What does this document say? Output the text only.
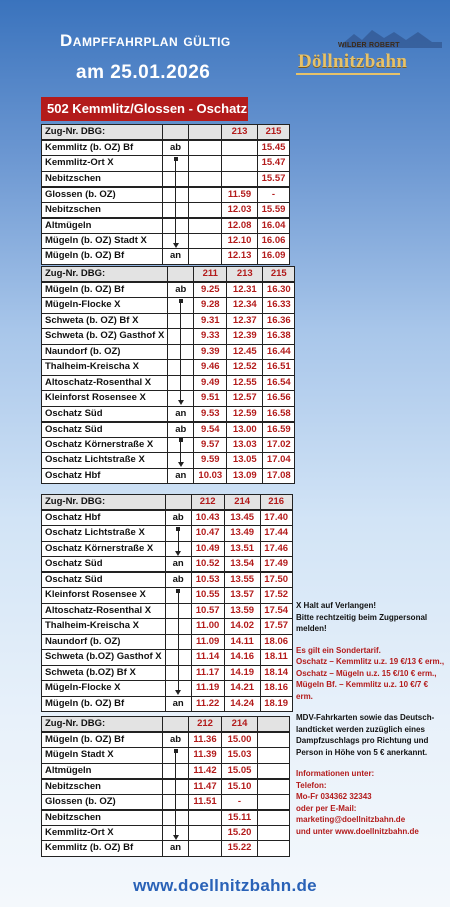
Dampffahrplan gültig
am 25.01.2026
WILDER ROBERT
Döllnitzbahn
502 Kemmlitz/Glossen - Oschatz
Zug-Nr. DBG:			213	215
Kemmlitz (b. OZ) Bf	ab			15.45
Kemmlitz-Ort X				15.47
Nebitzschen				15.57
Glossen (b. OZ)			11.59	-
Nebitzschen			12.03	15.59
Altmügeln			12.08	16.04
Mügeln (b. OZ) Stadt X			12.10	16.06
Mügeln (b. OZ) Bf	an		12.13	16.09
Zug-Nr. DBG:		211	213	215
Mügeln (b. OZ) Bf	ab	9.25	12.31	16.30
Mügeln-Flocke X		9.28	12.34	16.33
Schweta (b. OZ) Bf X		9.31	12.37	16.36
Schweta (b. OZ) Gasthof X		9.33	12.39	16.38
Naundorf (b. OZ)		9.39	12.45	16.44
Thalheim-Kreischa X		9.46	12.52	16.51
Altoschatz-Rosenthal X		9.49	12.55	16.54
Kleinforst Rosensee X		9.51	12.57	16.56
Oschatz Süd	an	9.53	12.59	16.58
Oschatz Süd	ab	9.54	13.00	16.59
Oschatz Körnerstraße X		9.57	13.03	17.02
Oschatz Lichtstraße X		9.59	13.05	17.04
Oschatz Hbf	an	10.03	13.09	17.08
Zug-Nr. DBG:		212	214	216
Oschatz Hbf	ab	10.43	13.45	17.40
Oschatz Lichtstraße X		10.47	13.49	17.44
Oschatz Körnerstraße X		10.49	13.51	17.46
Oschatz Süd	an	10.52	13.54	17.49
Oschatz Süd	ab	10.53	13.55	17.50
Kleinforst Rosensee X		10.55	13.57	17.52
Altoschatz-Rosenthal X		10.57	13.59	17.54
Thalheim-Kreischa X		11.00	14.02	17.57
Naundorf (b. OZ)		11.09	14.11	18.06
Schweta (b.OZ) Gasthof X		11.14	14.16	18.11
Schweta (b.OZ) Bf X		11.17	14.19	18.14
Mügeln-Flocke X		11.19	14.21	18.16
Mügeln (b. OZ) Bf	an	11.22	14.24	18.19
Zug-Nr. DBG:		212	214	
Mügeln (b. OZ) Bf	ab	11.36	15.00	
Mügeln Stadt X		11.39	15.03	
Altmügeln		11.42	15.05	
Nebitzschen		11.47	15.10	
Glossen (b. OZ)		11.51	-	
Nebitzschen			15.11	
Kemmlitz-Ort X			15.20	
Kemmlitz (b. OZ) Bf	an		15.22	

X Halt auf Verlangen!
Bitte rechtzeitig beim Zugpersonal melden!

Es gilt ein Sondertarif.
Oschatz – Kemmlitz u.z. 19 €/13 € erm.,
Oschatz – Mügeln u.z. 15 €/10 € erm.,
Mügeln Bf. – Kemmlitz u.z. 10 €/7 € erm.

MDV-Fahrkarten sowie das Deutsch-landticket werden zuzüglich eines Dampfzuschlags pro Richtung und Person in Höhe von 5 € anerkannt.

Informationen unter:
Telefon:
Mo-Fr 034362 32343
oder per E-Mail:
marketing@doellnitzbahn.de
und unter www.doellnitzbahn.de

www.doellnitzbahn.de
